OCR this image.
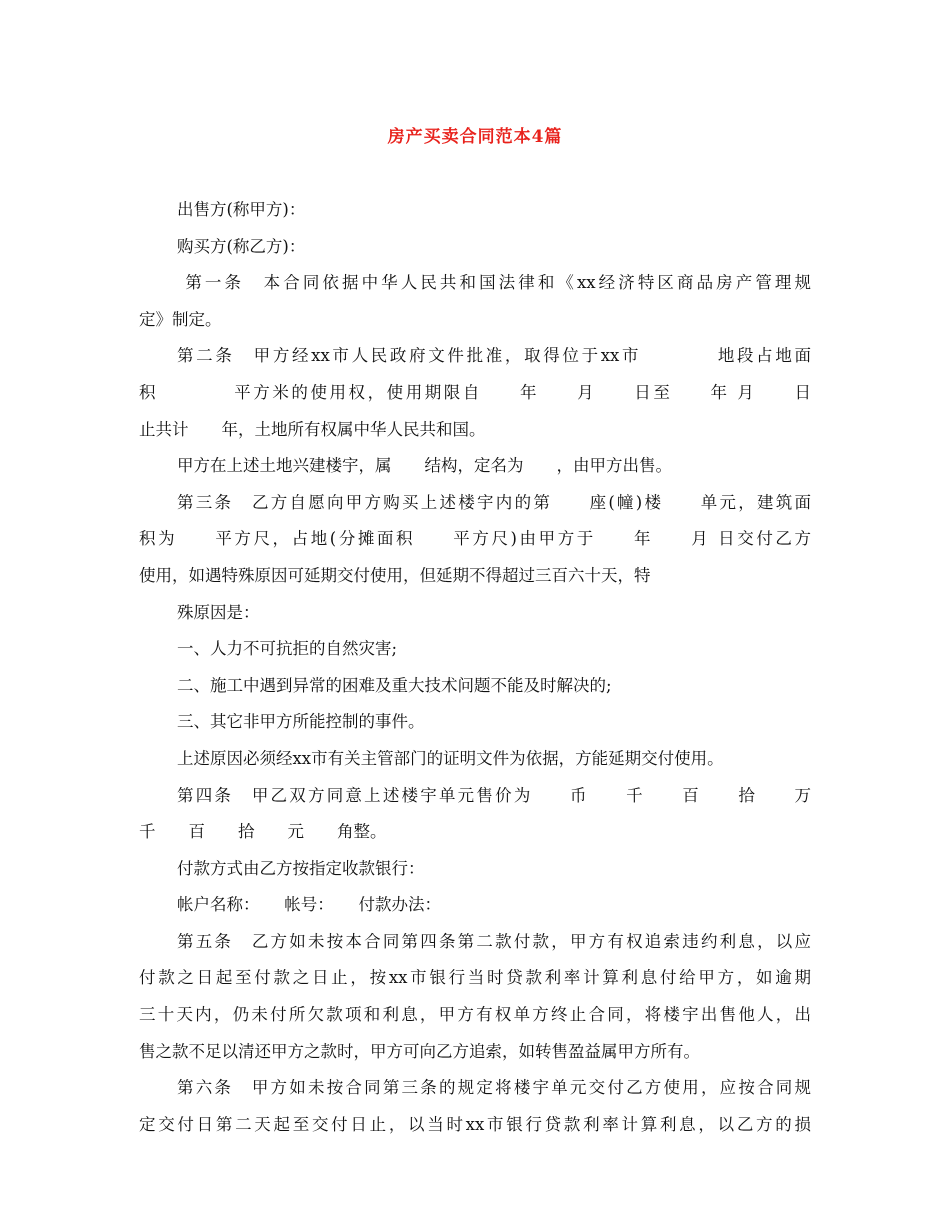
房产买卖合同范本4篇
出售方(称甲方)：
购买方(称乙方)：
第一条　本合同依据中华人民共和国法律和《xx经济特区商品房产管理规
定》制定。
第二条　甲方经xx市人民政府文件批准，取得位于xx市　　　　地段占地面
积　　　　平方米的使用权，使用期限自　　年　　月　　日至　　年 月　　日
止共计　　年，土地所有权属中华人民共和国。
甲方在上述土地兴建楼宇，属　　结构，定名为　　，由甲方出售。
第三条　乙方自愿向甲方购买上述楼宇内的第　　座(幢)楼　　单元，建筑面
积为　　平方尺，占地(分摊面积　　平方尺)由甲方于　　年　　月 日交付乙方
使用，如遇特殊原因可延期交付使用，但延期不得超过三百六十天，特
殊原因是：
一、人力不可抗拒的自然灾害;
二、施工中遇到异常的困难及重大技术问题不能及时解决的;
三、其它非甲方所能控制的事件。
上述原因必须经xx市有关主管部门的证明文件为依据，方能延期交付使用。
第四条　甲乙双方同意上述楼宇单元售价为　　币　　千　　百　　拾　　万
千　　百　　拾　　元　　角整。
付款方式由乙方按指定收款银行：
帐户名称：　　帐号：　　付款办法：
第五条　乙方如未按本合同第四条第二款付款，甲方有权追索违约利息，以应
付款之日起至付款之日止，按xx市银行当时贷款利率计算利息付给甲方，如逾期
三十天内，仍未付所欠款项和利息，甲方有权单方终止合同，将楼宇出售他人，出
售之款不足以清还甲方之款时，甲方可向乙方追索，如转售盈益属甲方所有。
第六条　甲方如未按合同第三条的规定将楼宇单元交付乙方使用，应按合同规
定交付日第二天起至交付日止，以当时xx市银行贷款利率计算利息，以乙方的损
